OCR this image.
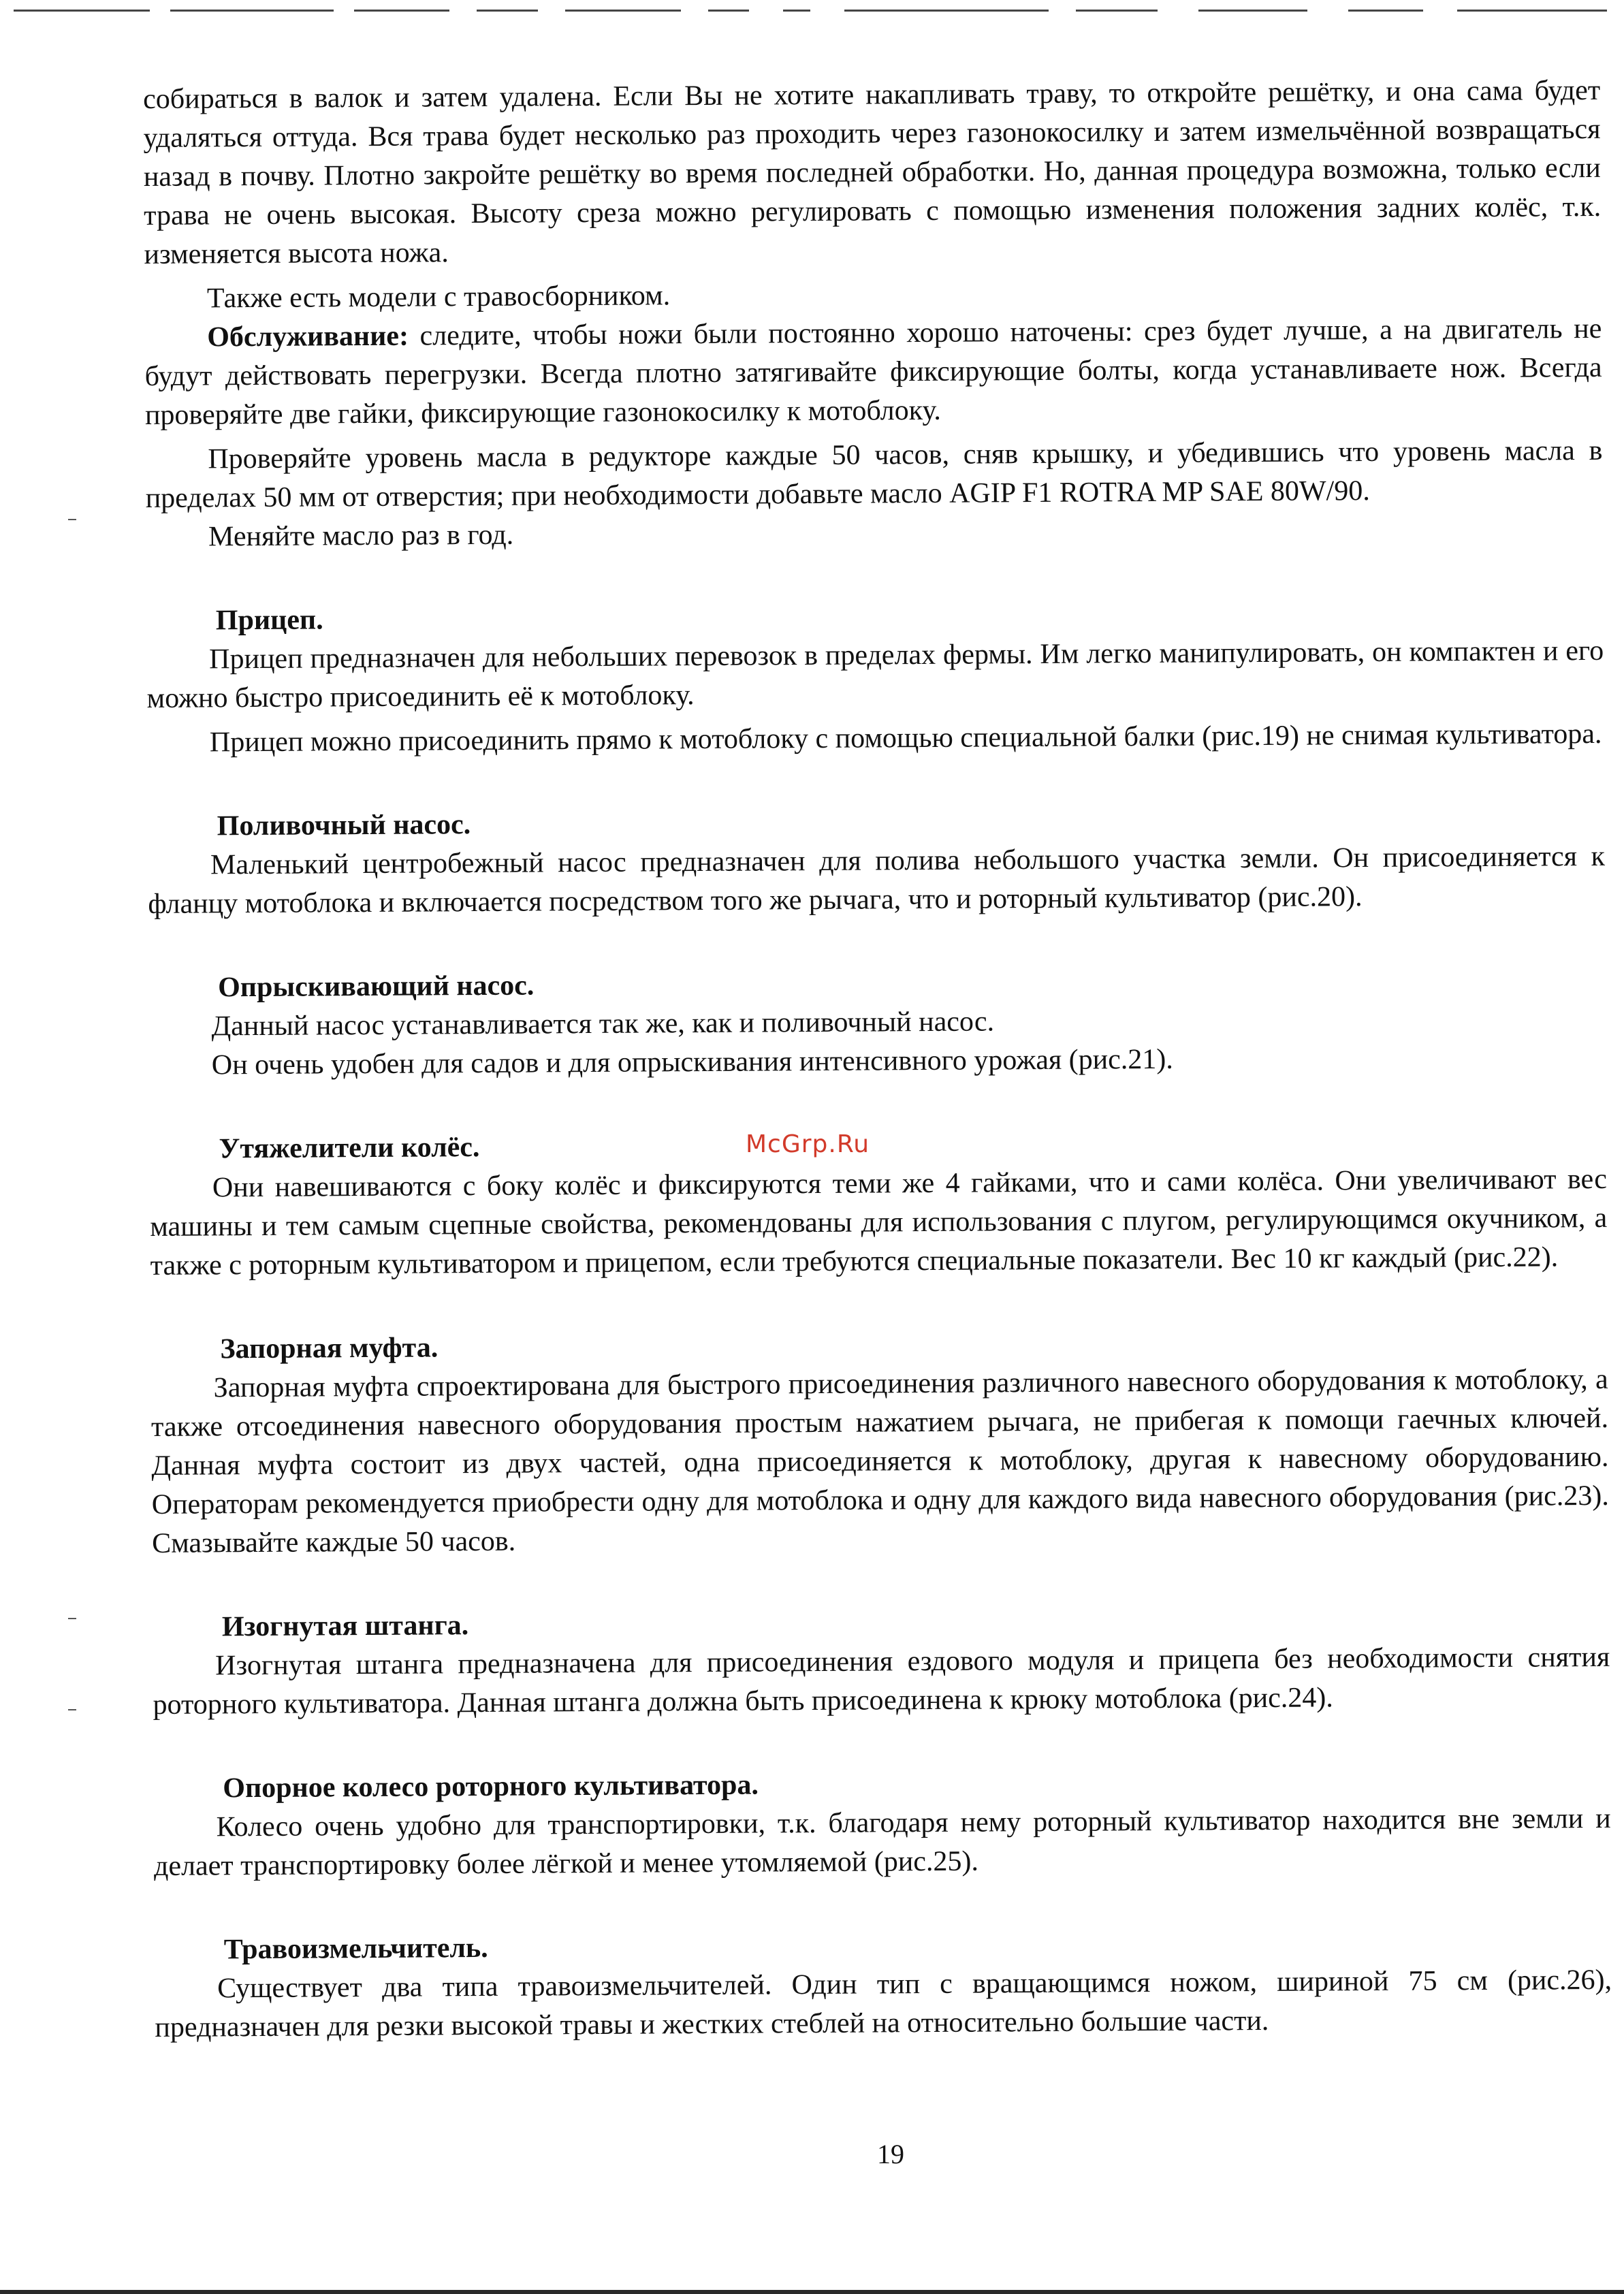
собираться в валок и затем удалена. Если Вы не хотите накапливать траву, то откройте решётку, и она сама будет удаляться оттуда. Вся трава будет несколько раз проходить через газонокосилку и затем измельчённой возвращаться назад в почву. Плотно закройте решётку во время последней обработки. Но, данная процедура возможна, только если трава не очень высокая. Высоту среза можно регулировать с помощью изменения положения задних колёс, т.к. изменяется высота ножа.

Также есть модели с травосборником.

Обслуживание: следите, чтобы ножи были постоянно хорошо наточены: срез будет лучше, а на двигатель не будут действовать перегрузки. Всегда плотно затягивайте фиксирующие болты, когда устанавливаете нож. Всегда проверяйте две гайки, фиксирующие газонокосилку к мотоблоку.

Проверяйте уровень масла в редукторе каждые 50 часов, сняв крышку, и убедившись что уровень масла в пределах 50 мм от отверстия; при необходимости добавьте масло AGIP F1 ROTRA MP SAE 80W/90.

Меняйте масло раз в год.

Прицеп.

Прицеп предназначен для небольших перевозок в пределах фермы. Им легко манипулировать, он компактен и его можно быстро присоединить её к мотоблоку.

Прицеп можно присоединить прямо к мотоблоку с помощью специальной балки (рис.19) не снимая культиватора.

Поливочный насос.

Маленький центробежный насос предназначен для полива небольшого участка земли. Он присоединяется к фланцу мотоблока и включается посредством того же рычага, что и роторный культиватор (рис.20).

Опрыскивающий насос.

Данный насос устанавливается так же, как и поливочный насос.

Он очень удобен для садов и для опрыскивания интенсивного урожая (рис.21).

Утяжелители колёс.

Они навешиваются с боку колёс и фиксируются теми же 4 гайками, что и сами колёса. Они увеличивают вес машины и тем самым сцепные свойства, рекомендованы для использования с плугом, регулирующимся окучником, а также с роторным культиватором и прицепом, если требуются специальные показатели. Вес 10 кг каждый (рис.22).

Запорная муфта.

Запорная муфта спроектирована для быстрого присоединения различного навесного оборудования к мотоблоку, а также отсоединения навесного оборудования простым нажатием рычага, не прибегая к помощи гаечных ключей. Данная муфта состоит из двух частей, одна присоединяется к мотоблоку, другая к навесному оборудованию. Операторам рекомендуется приобрести одну для мотоблока и одну для каждого вида навесного оборудования (рис.23). Смазывайте каждые 50 часов.

Изогнутая штанга.

Изогнутая штанга предназначена для присоединения ездового модуля и прицепа без необходимости снятия роторного культиватора. Данная штанга должна быть присоединена к крюку мотоблока (рис.24).

Опорное колесо роторного культиватора.

Колесо очень удобно для транспортировки, т.к. благодаря нему роторный культиватор находится вне земли и делает транспортировку более лёгкой и менее утомляемой (рис.25).

Травоизмельчитель.

Существует два типа травоизмельчителей. Один тип с вращающимся ножом, шириной 75 см (рис.26), предназначен для резки высокой травы и жестких стеблей на относительно большие части.

McGrp.Ru
19
